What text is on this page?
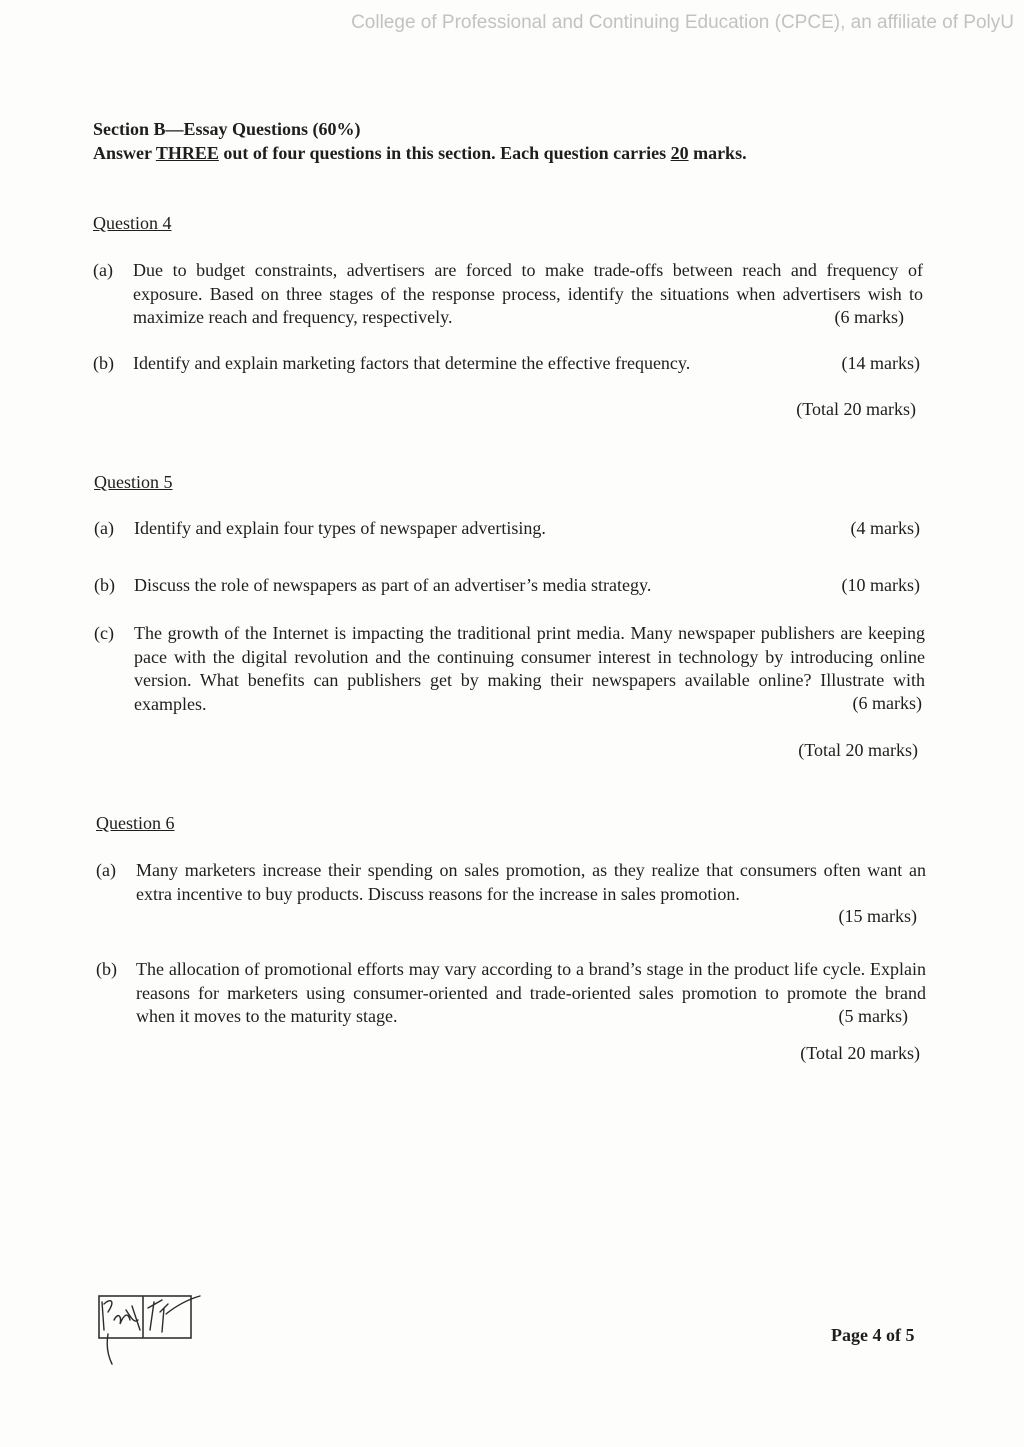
College of Professional and Continuing Education (CPCE), an affiliate of PolyU
Section B—Essay Questions (60%)
Answer THREE out of four questions in this section. Each question carries 20 marks.
Question 4
(a) Due to budget constraints, advertisers are forced to make trade-offs between reach and frequency of exposure. Based on three stages of the response process, identify the situations when advertisers wish to maximize reach and frequency, respectively.	(6 marks)
(b) Identify and explain marketing factors that determine the effective frequency.	(14 marks)
(Total 20 marks)
Question 5
(a) Identify and explain four types of newspaper advertising.	(4 marks)
(b) Discuss the role of newspapers as part of an advertiser’s media strategy.	(10 marks)
(c) The growth of the Internet is impacting the traditional print media. Many newspaper publishers are keeping pace with the digital revolution and the continuing consumer interest in technology by introducing online version. What benefits can publishers get by making their newspapers available online? Illustrate with examples.	(6 marks)
(Total 20 marks)
Question 6
(a) Many marketers increase their spending on sales promotion, as they realize that consumers often want an extra incentive to buy products. Discuss reasons for the increase in sales promotion.
(15 marks)
(b) The allocation of promotional efforts may vary according to a brand’s stage in the product life cycle. Explain reasons for marketers using consumer-oriented and trade-oriented sales promotion to promote the brand when it moves to the maturity stage.	(5 marks)
(Total 20 marks)
Page 4 of 5
